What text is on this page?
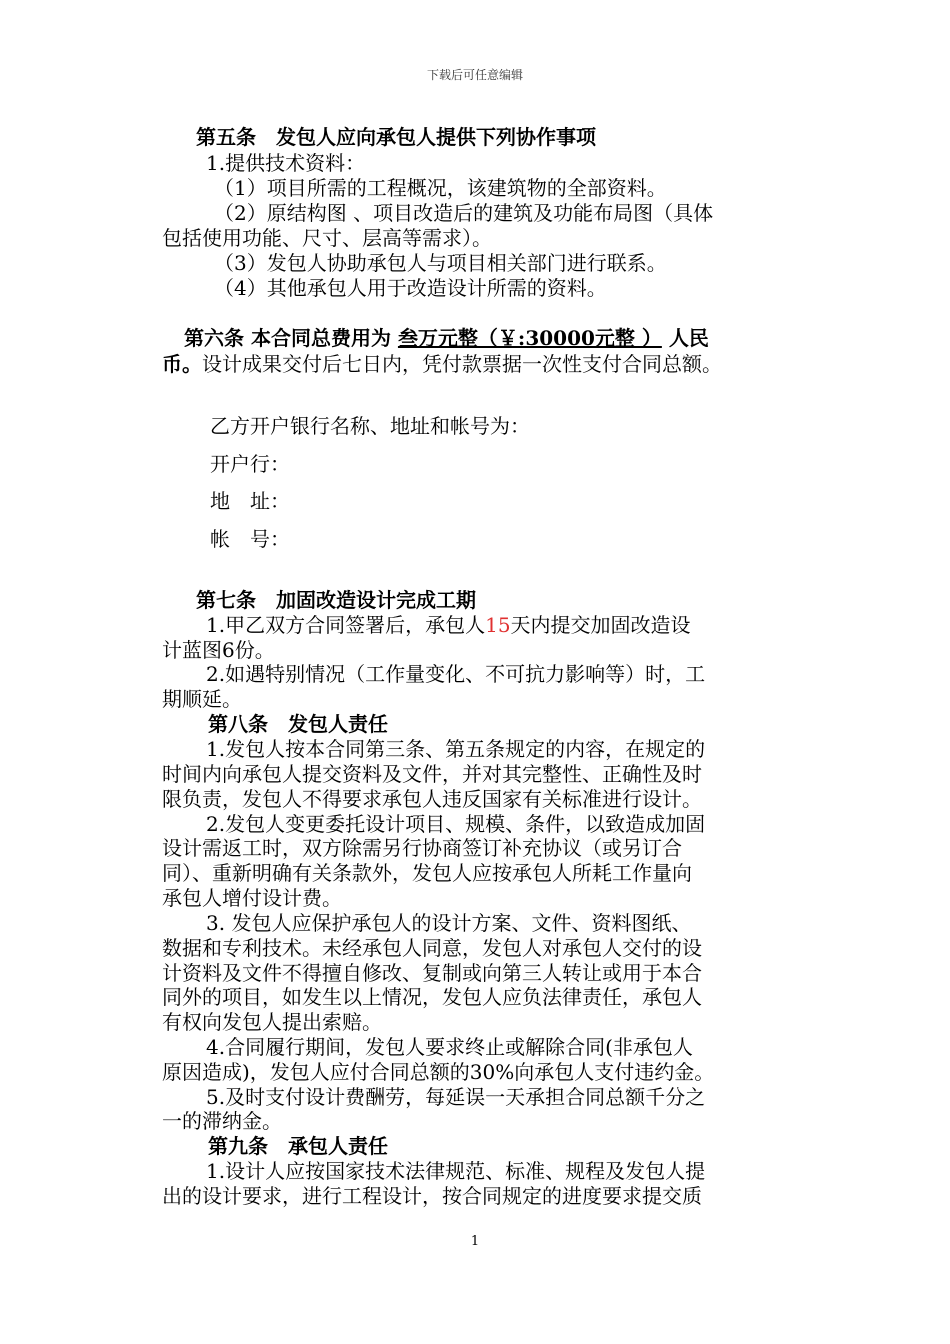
下载后可任意编辑
第五条　发包人应向承包人提供下列协作事项
1.提供技术资料：
（1）项目所需的工程概况，该建筑物的全部资料。
（2）原结构图 、项目改造后的建筑及功能布局图（具体
包括使用功能、尺寸、层高等需求）。
（3）发包人协助承包人与项目相关部门进行联系。
（4）其他承包人用于改造设计所需的资料。
第六条 本合同总费用为 叁万元整（￥:30000元整 ） 人民
币。设计成果交付后七日内，凭付款票据一次性支付合同总额。
乙方开户银行名称、地址和帐号为：
开户行：
地　址：
帐　号：
第七条　加固改造设计完成工期
1.甲乙双方合同签署后，承包人15天内提交加固改造设
计蓝图6份。
2.如遇特别情况（工作量变化、不可抗力影响等）时，工
期顺延。
第八条　发包人责任
1.发包人按本合同第三条、第五条规定的内容，在规定的
时间内向承包人提交资料及文件，并对其完整性、正确性及时
限负责，发包人不得要求承包人违反国家有关标准进行设计。
2.发包人变更委托设计项目、规模、条件，以致造成加固
设计需返工时，双方除需另行协商签订补充协议（或另订合
同）、重新明确有关条款外，发包人应按承包人所耗工作量向
承包人增付设计费。
3. 发包人应保护承包人的设计方案、文件、资料图纸、
数据和专利技术。未经承包人同意，发包人对承包人交付的设
计资料及文件不得擅自修改、复制或向第三人转让或用于本合
同外的项目，如发生以上情况，发包人应负法律责任，承包人
有权向发包人提出索赔。
4.合同履行期间，发包人要求终止或解除合同(非承包人
原因造成)，发包人应付合同总额的30%向承包人支付违约金。
5.及时支付设计费酬劳，每延误一天承担合同总额千分之
一的滞纳金。
第九条　承包人责任
1.设计人应按国家技术法律规范、标准、规程及发包人提
出的设计要求，进行工程设计，按合同规定的进度要求提交质
1
